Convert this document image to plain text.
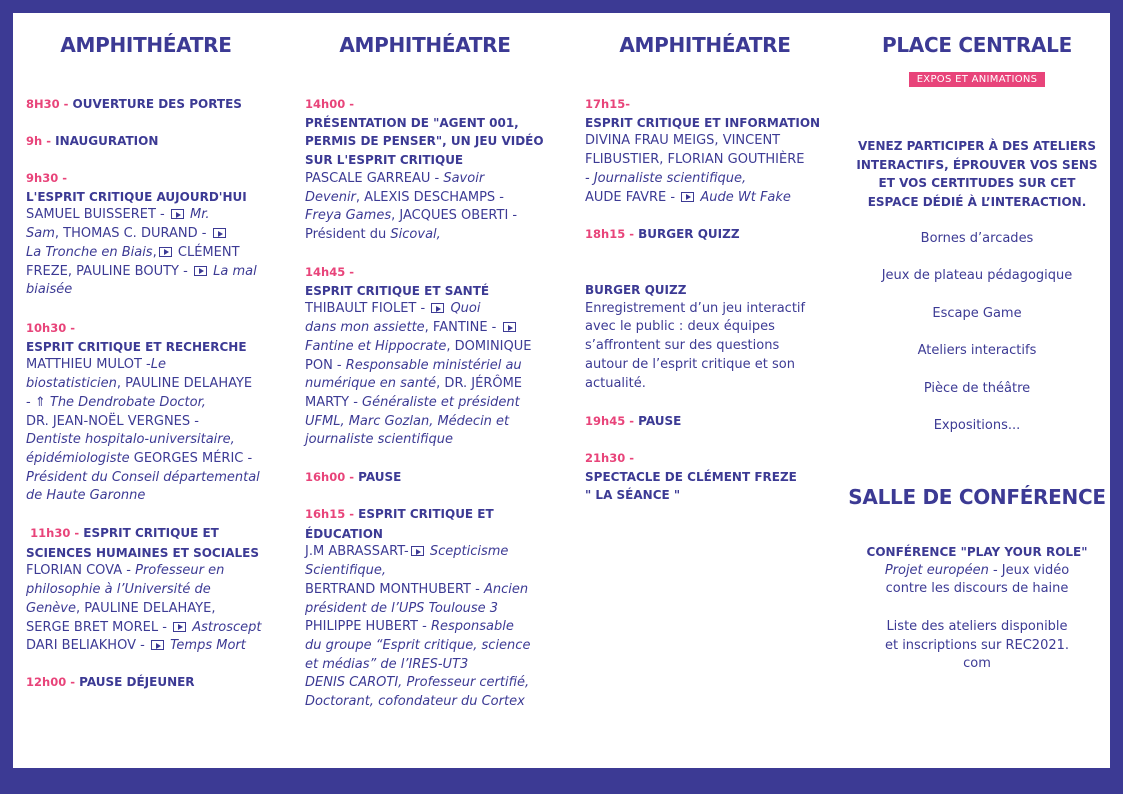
AMPHITHÉATRE
8H30 - OUVERTURE DES PORTES
9h - INAUGURATION
9h30 -
L'ESPRIT CRITIQUE AUJOURD'HUI
SAMUEL BUISSERET - Mr.
Sam, THOMAS C. DURAND -
La Tronche en Biais, CLÉMENT
FREZE, PAULINE BOUTY - La mal
biaisée
10h30 -
ESPRIT CRITIQUE ET RECHERCHE
MATTHIEU MULOT -Le
biostatisticien, PAULINE DELAHAYE
- ⇑ The Dendrobate Doctor,
DR. JEAN-NOËL VERGNES -
Dentiste hospitalo-universitaire,
épidémiologiste GEORGES MÉRIC -
Président du Conseil départemental
de Haute Garonne
11h30 - ESPRIT CRITIQUE ET
SCIENCES HUMAINES ET SOCIALES
FLORIAN COVA - Professeur en
philosophie à l’Université de
Genève, PAULINE DELAHAYE,
SERGE BRET MOREL - Astroscept
DARI BELIAKHOV - Temps Mort
12h00 - PAUSE DÉJEUNER
AMPHITHÉATRE
14h00 -
PRÉSENTATION DE "AGENT 001,
PERMIS DE PENSER", UN JEU VIDÉO
SUR L'ESPRIT CRITIQUE
PASCALE GARREAU - Savoir
Devenir, ALEXIS DESCHAMPS -
Freya Games, JACQUES OBERTI -
Président du Sicoval,
14h45 -
ESPRIT CRITIQUE ET SANTÉ
THIBAULT FIOLET - Quoi
dans mon assiette, FANTINE -
Fantine et Hippocrate, DOMINIQUE
PON - Responsable ministériel au
numérique en santé, DR. JÉRÔME
MARTY - Généraliste et président
UFML, Marc Gozlan, Médecin et
journaliste scientifique
16h00 - PAUSE
16h15 - ESPRIT CRITIQUE ET
ÉDUCATION
J.M ABRASSART- Scepticisme
Scientifique,
BERTRAND MONTHUBERT - Ancien
président de l’UPS Toulouse 3
PHILIPPE HUBERT - Responsable
du groupe “Esprit critique, science
et médias” de l’IRES-UT3
DENIS CAROTI, Professeur certifié,
Doctorant, cofondateur du Cortex
AMPHITHÉATRE
17h15-
ESPRIT CRITIQUE ET INFORMATION
DIVINA FRAU MEIGS, VINCENT
FLIBUSTIER, FLORIAN GOUTHIÈRE
- Journaliste scientifique,
AUDE FAVRE - Aude Wt Fake
18h15 - BURGER QUIZZ
BURGER QUIZZ
Enregistrement d’un jeu interactif
avec le public : deux équipes
s’affrontent sur des questions
autour de l’esprit critique et son
actualité.
19h45 - PAUSE
21h30 -
SPECTACLE DE CLÉMENT FREZE
" LA SÉANCE "
PLACE CENTRALE
EXPOS ET ANIMATIONS
VENEZ PARTICIPER À DES ATELIERS
INTERACTIFS, ÉPROUVER VOS SENS
ET VOS CERTITUDES SUR CET
ESPACE DÉDIÉ À L’INTERACTION.
Bornes d’arcades
Jeux de plateau pédagogique
Escape Game
Ateliers interactifs
Pièce de théâtre
Expositions...
SALLE DE CONFÉRENCE
CONFÉRENCE "PLAY YOUR ROLE"
Projet européen - Jeux vidéo
contre les discours de haine
Liste des ateliers disponible
et inscriptions sur REC2021.
com
